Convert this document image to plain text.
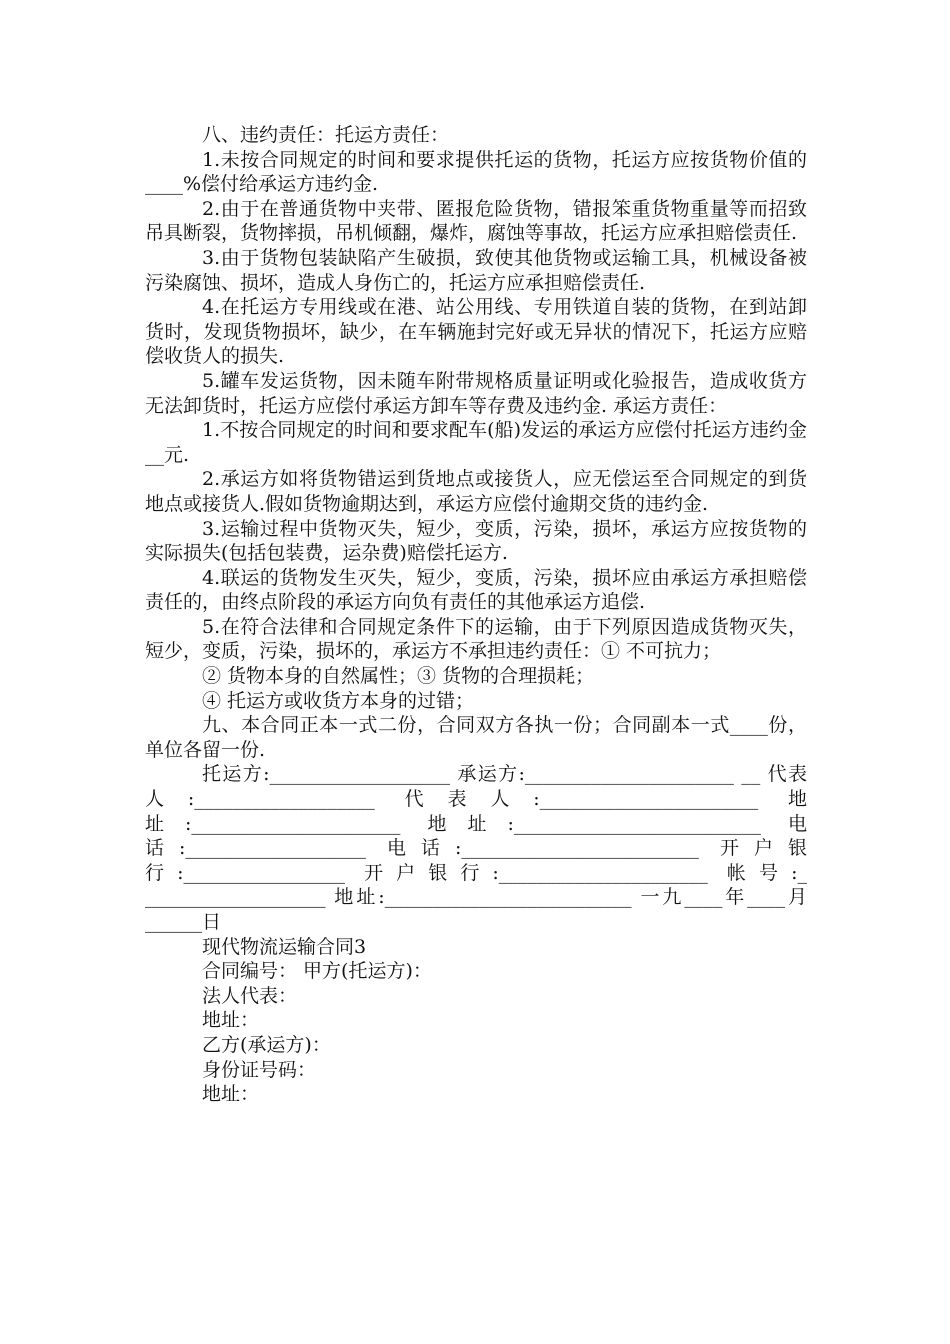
八、违约责任：托运方责任：

1.未按合同规定的时间和要求提供托运的货物，托运方应按货物价值的____%偿付给承运方违约金.

2.由于在普通货物中夹带、匿报危险货物，错报笨重货物重量等而招致吊具断裂，货物摔损，吊机倾翻，爆炸，腐蚀等事故，托运方应承担赔偿责任.

3.由于货物包装缺陷产生破损，致使其他货物或运输工具，机械设备被污染腐蚀、损坏，造成人身伤亡的，托运方应承担赔偿责任.

4.在托运方专用线或在港、站公用线、专用铁道自装的货物，在到站卸货时，发现货物损坏，缺少，在车辆施封完好或无异状的情况下，托运方应赔偿收货人的损失.

5.罐车发运货物，因未随车附带规格质量证明或化验报告，造成收货方无法卸货时，托运方应偿付承运方卸车等存费及违约金. 承运方责任：

1.不按合同规定的时间和要求配车(船)发运的承运方应偿付托运方违约金__元.

2.承运方如将货物错运到货地点或接货人，应无偿运至合同规定的到货地点或接货人.假如货物逾期达到，承运方应偿付逾期交货的违约金.

3.运输过程中货物灭失，短少，变质，污染，损坏，承运方应按货物的实际损失(包括包装费，运杂费)赔偿托运方.

4.联运的货物发生灭失，短少，变质，污染，损坏应由承运方承担赔偿责任的，由终点阶段的承运方向负有责任的其他承运方追偿.

5.在符合法律和合同规定条件下的运输，由于下列原因造成货物灭失，短少，变质，污染，损坏的，承运方不承担违约责任：① 不可抗力；

② 货物本身的自然属性；③ 货物的合理损耗；

④ 托运方或收货方本身的过错；

九、本合同正本一式二份，合同双方各执一份；合同副本一式____份，单位各留一份.

托运方:___________________ 承运方:______________________ __ 代表人:___________________ 代表人:_______________________ 地址:______________________ 地址:__________________________ 电话:___________________ 电话:_________________________ 开户银行:_________________ 开户银行:______________________ 帐号:_ ___________________ 地址:__________________________ 一九____年____月______日

现代物流运输合同3

合同编号： 甲方(托运方)：

法人代表：

地址：

乙方(承运方)：

身份证号码：

地址：
